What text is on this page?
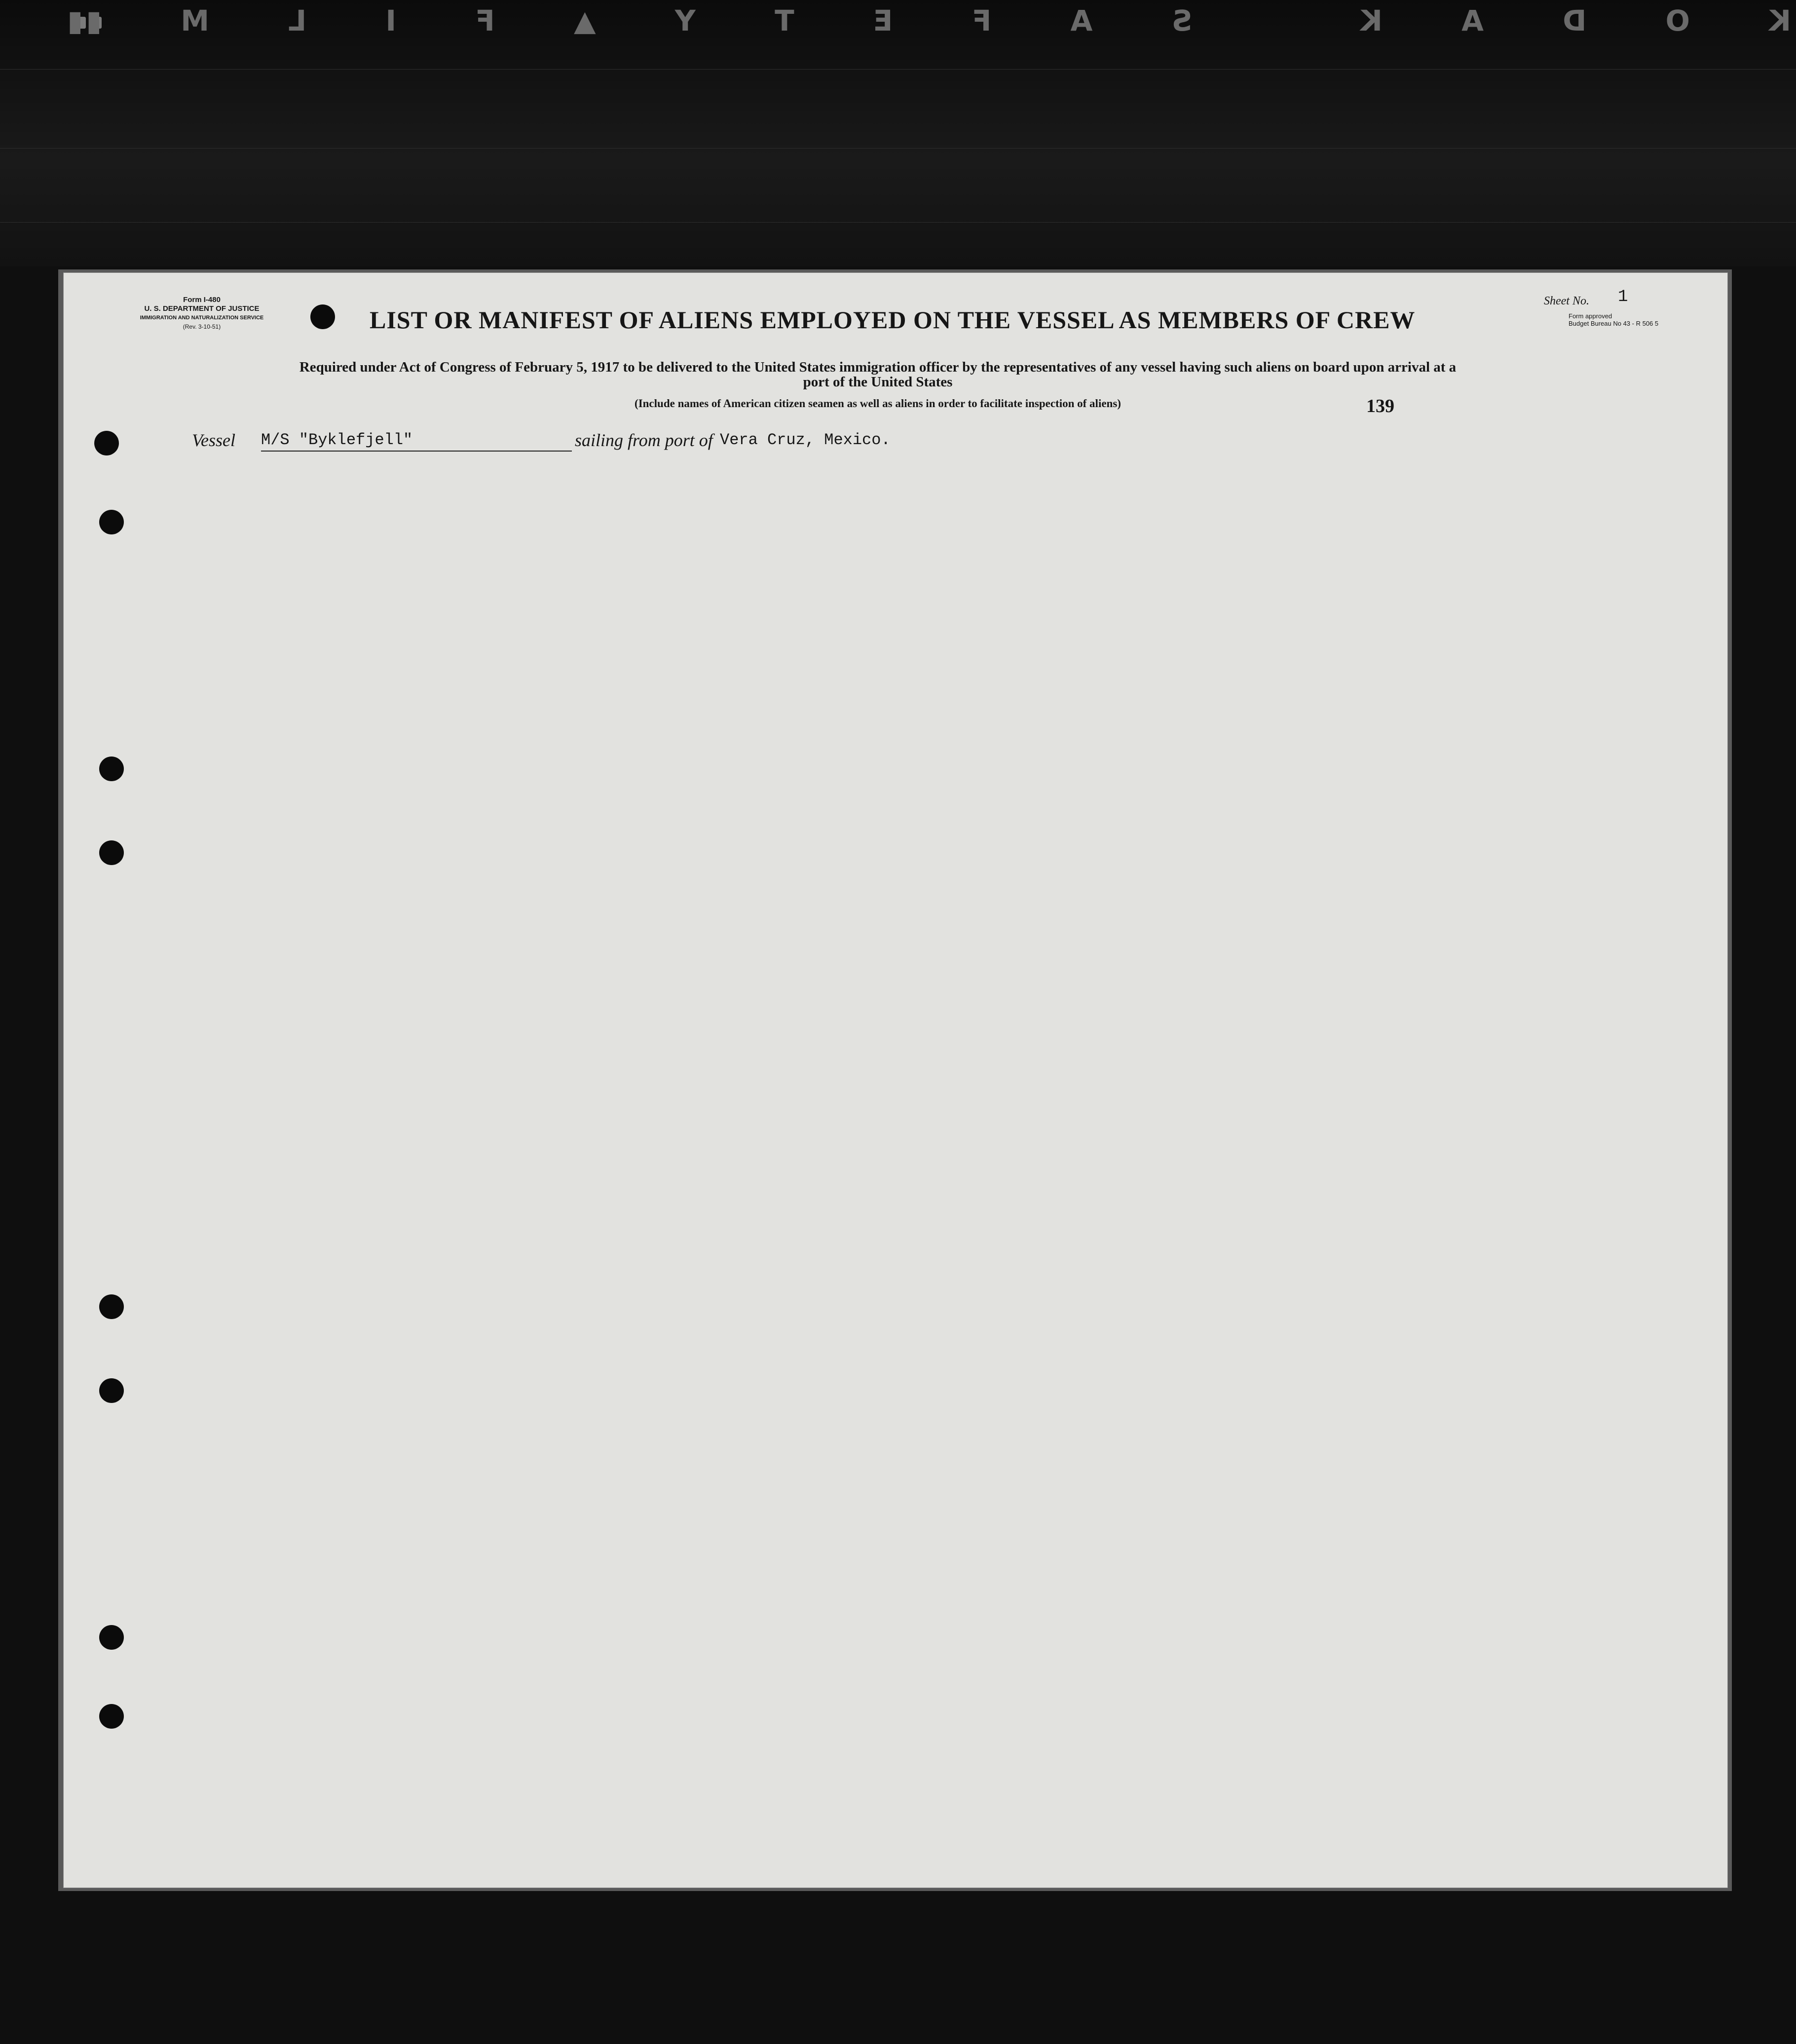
K
O
D
A
K

S
A
F
E
T
Y
▲
F
I
L
M
▮▮
Form I-480
U. S. DEPARTMENT OF JUSTICE
IMMIGRATION AND NATURALIZATION SERVICE
(Rev. 3-10-51)	LIST OR MANIFEST OF ALIENS EMPLOYED ON THE VESSEL AS MEMBERS OF CREW
Sheet No. 1
Form approved
Budget Bureau No 43 - R 506 5
Required under Act of Congress of February 5, 1917 to be delivered to the United States immigration officer by the representatives of any vessel having such aliens on board upon arrival at a
port of the United States
(Include names of American citizen seamen as well as aliens in order to facilitate inspection of aliens)	139
Vessel M/S "Byklefjell"	sailing from port of Vera Cruz, Mexico.
